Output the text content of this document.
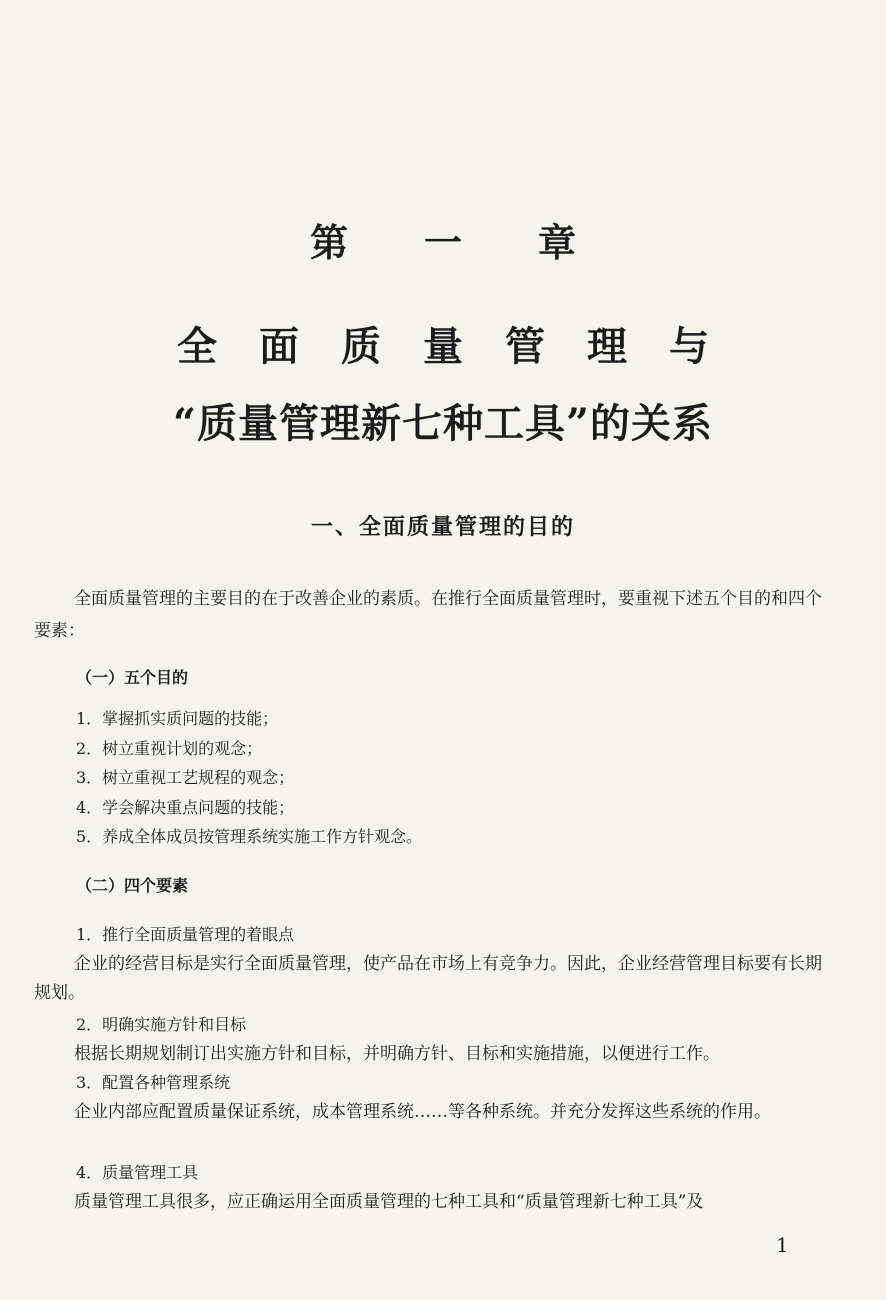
第一章
全面质量管理与
“质量管理新七种工具”的关系
一、全面质量管理的目的
全面质量管理的主要目的在于改善企业的素质。在推行全面质量管理时，要重视下述五个目的和四个要素：
（一）五个目的
1．掌握抓实质问题的技能；
2．树立重视计划的观念；
3．树立重视工艺规程的观念；
4．学会解决重点问题的技能；
5．养成全体成员按管理系统实施工作方针观念。
（二）四个要素
1．推行全面质量管理的着眼点
企业的经营目标是实行全面质量管理，使产品在市场上有竞争力。因此，企业经营管理目标要有长期规划。
2．明确实施方针和目标
根据长期规划制订出实施方针和目标，并明确方针、目标和实施措施，以便进行工作。
3．配置各种管理系统
企业内部应配置质量保证系统，成本管理系统……等各种系统。并充分发挥这些系统的作用。
4．质量管理工具
质量管理工具很多，应正确运用全面质量管理的七种工具和“质量管理新七种工具”及
1
